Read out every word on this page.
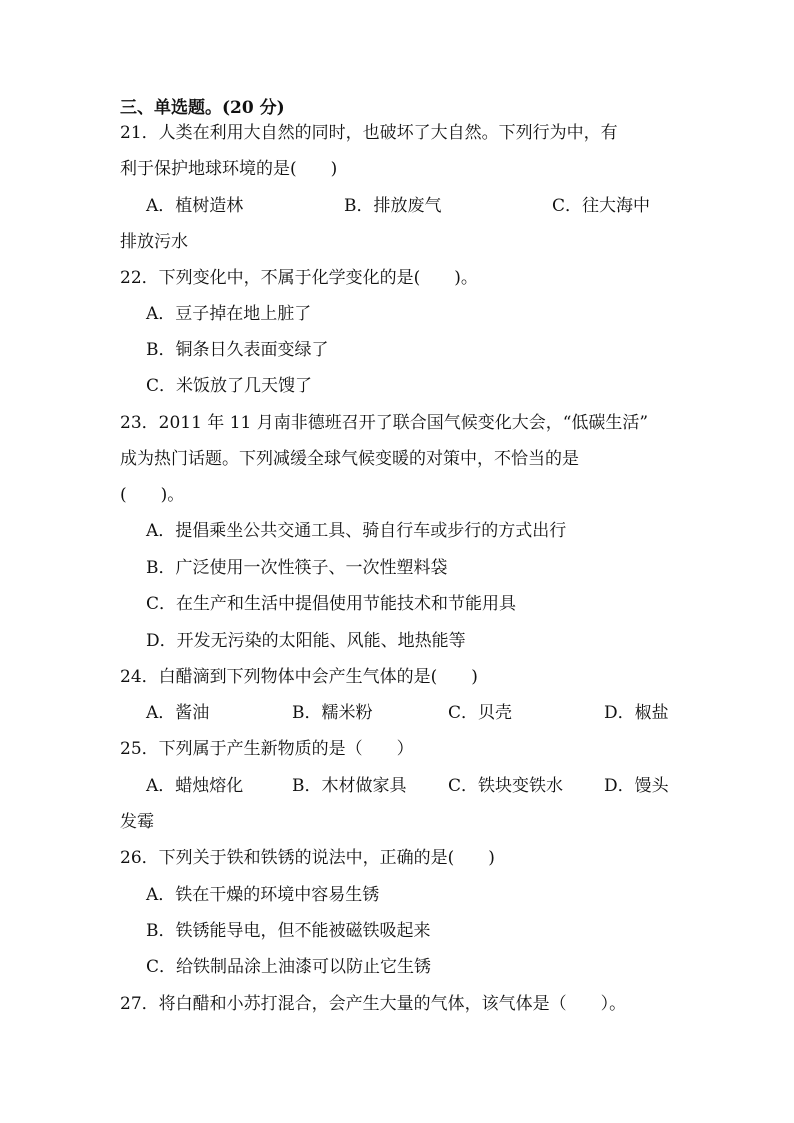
三、单选题。(20 分)
21．人类在利用大自然的同时，也破坏了大自然。下列行为中，有
利于保护地球环境的是(　　)
A．植树造林	B．排放废气	C．往大海中
排放污水
22．下列变化中，不属于化学变化的是(　　)。
A．豆子掉在地上脏了
B．铜条日久表面变绿了
C．米饭放了几天馊了
23．2011 年 11 月南非德班召开了联合国气候变化大会，“低碳生活”
成为热门话题。下列减缓全球气候变暖的对策中，不恰当的是
(　　)。
A．提倡乘坐公共交通工具、骑自行车或步行的方式出行
B．广泛使用一次性筷子、一次性塑料袋
C．在生产和生活中提倡使用节能技术和节能用具
D．开发无污染的太阳能、风能、地热能等
24．白醋滴到下列物体中会产生气体的是(　　)
A．酱油	B．糯米粉	C．贝壳	D．椒盐
25．下列属于产生新物质的是（　　）
A．蜡烛熔化	B．木材做家具 C．铁块变铁水 D．馒头
发霉
26．下列关于铁和铁锈的说法中，正确的是(　　)
A．铁在干燥的环境中容易生锈
B．铁锈能导电，但不能被磁铁吸起来
C．给铁制品涂上油漆可以防止它生锈
27．将白醋和小苏打混合，会产生大量的气体，该气体是（　　）。
